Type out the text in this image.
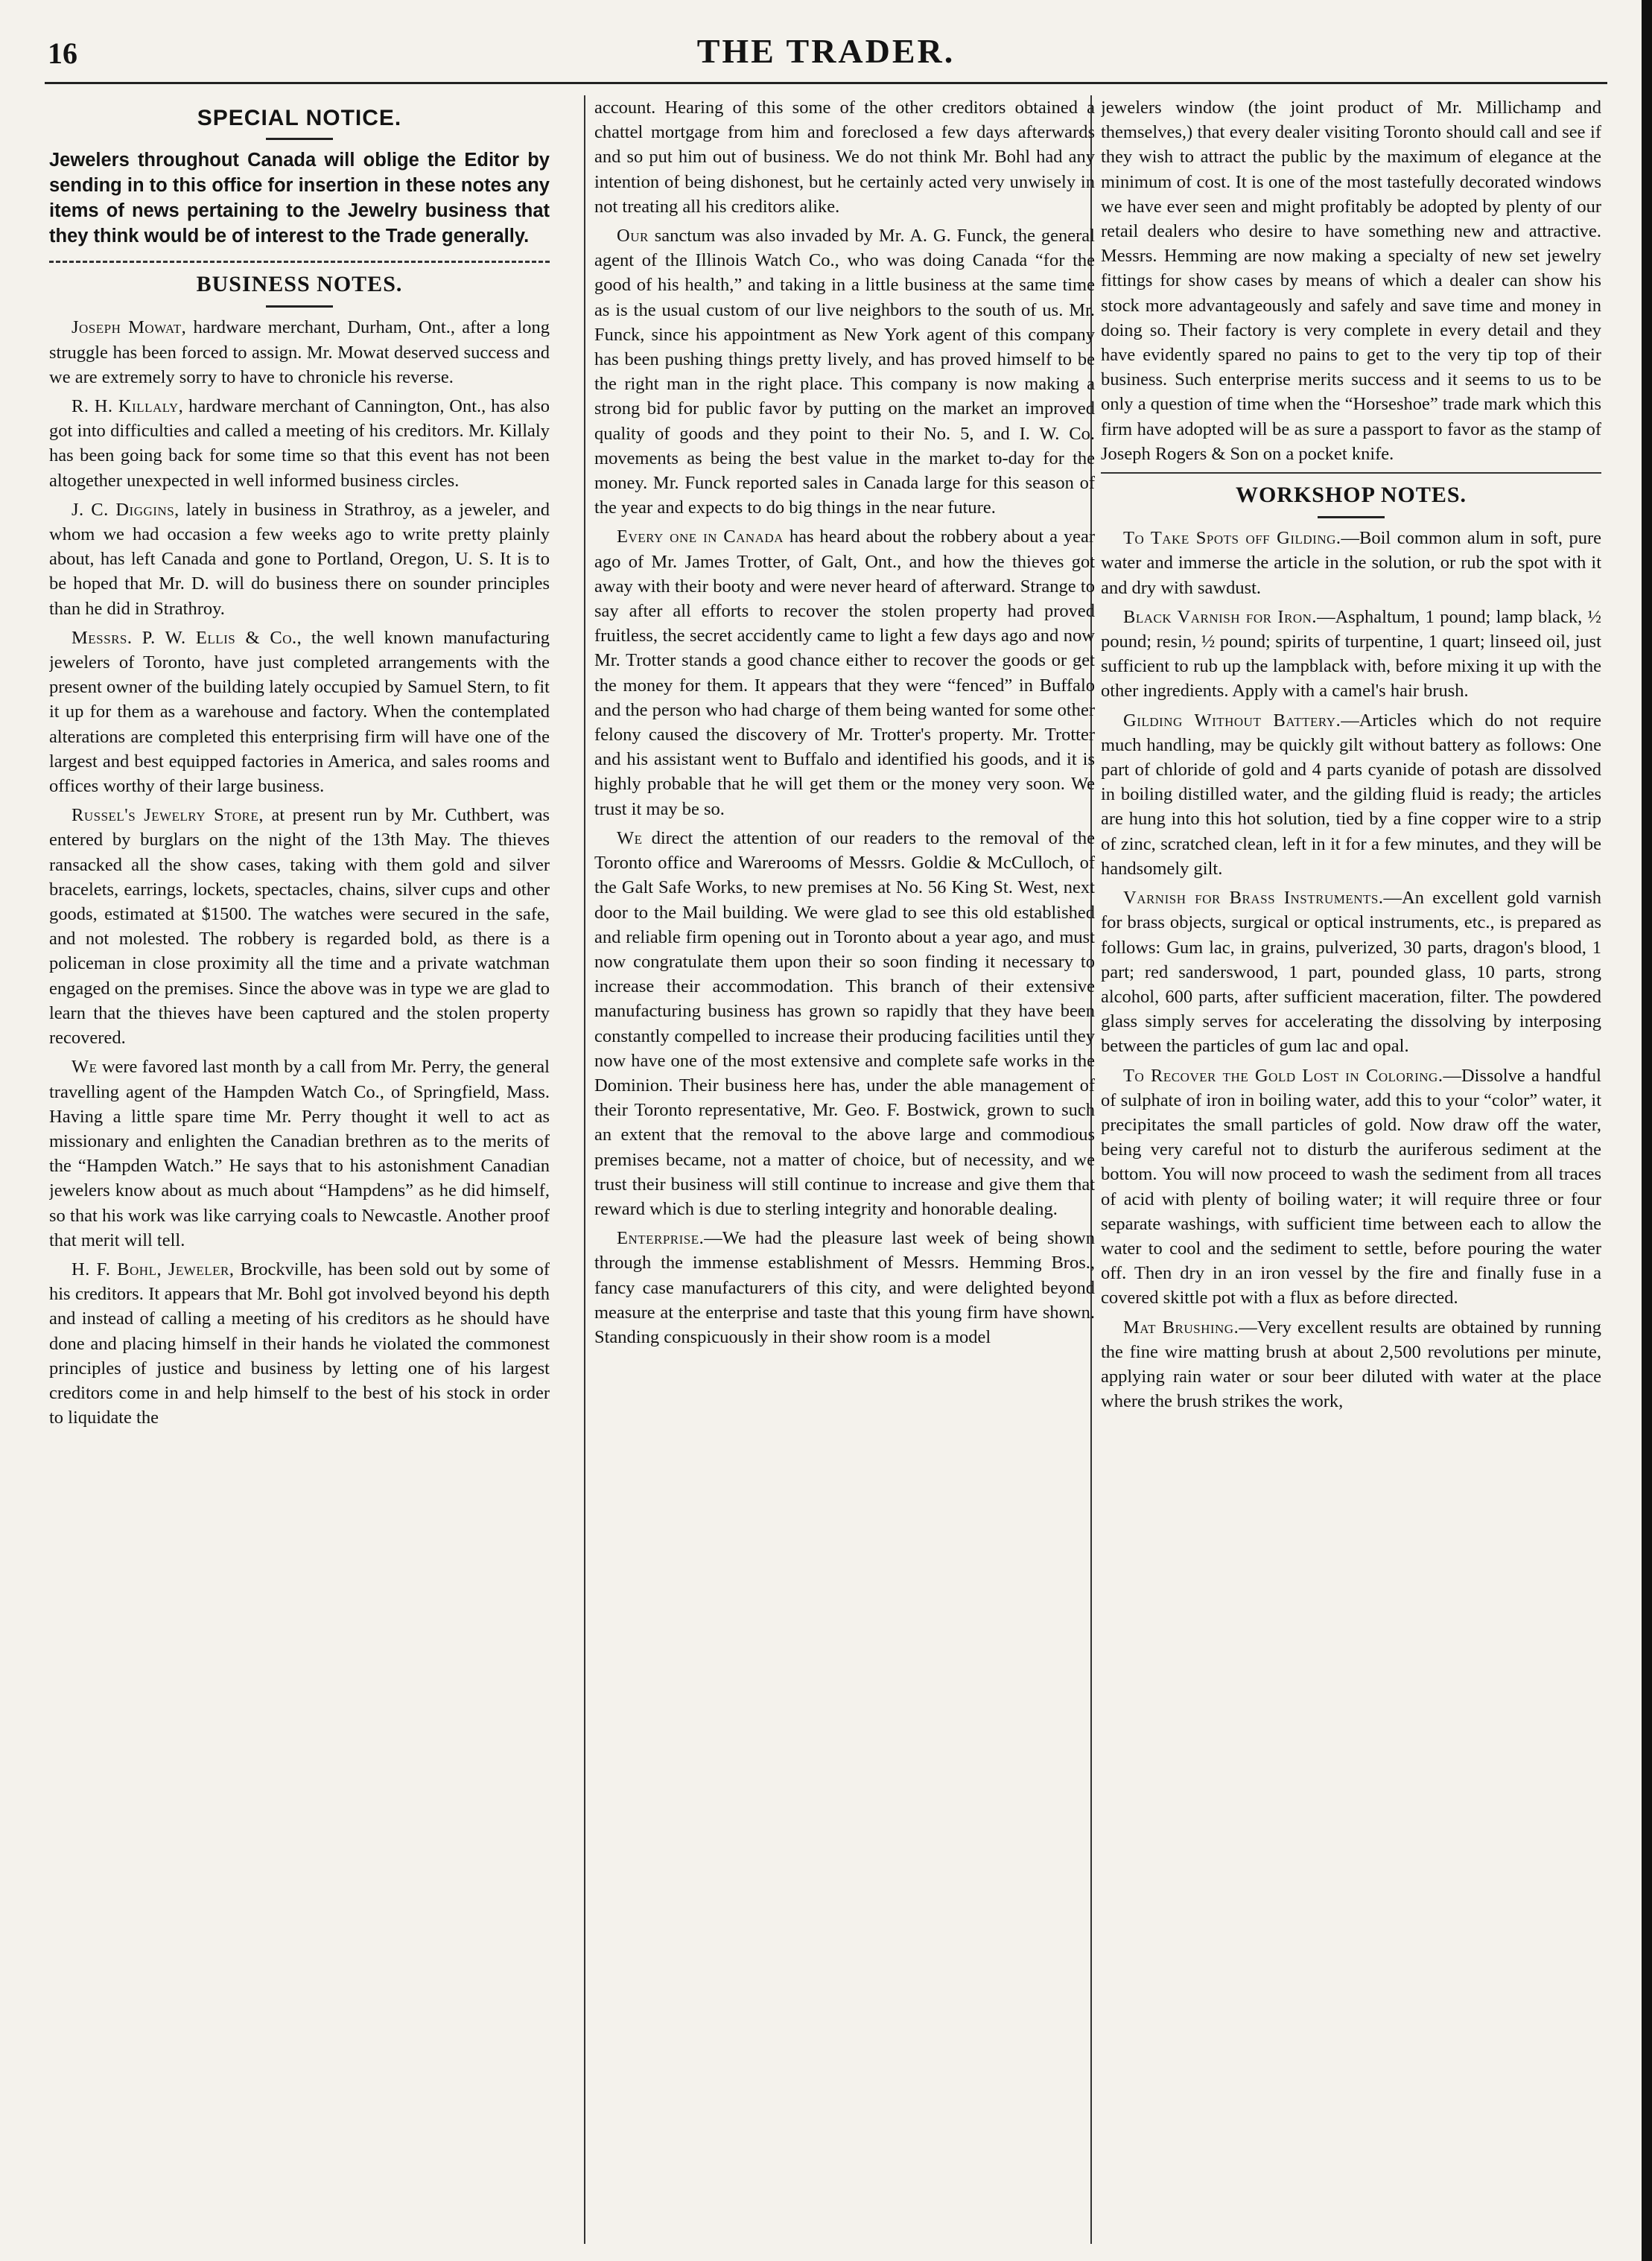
16	THE TRADER.
SPECIAL NOTICE.
Jewelers throughout Canada will oblige the Editor by sending in to this office for insertion in these notes any items of news pertaining to the Jewelry business that they think would be of interest to the Trade generally.
BUSINESS NOTES.

Joseph Mowat, hardware merchant, Durham, Ont., after a long struggle has been forced to assign. Mr. Mowat deserved success and we are extremely sorry to have to chronicle his reverse.

R. H. Killaly, hardware merchant of Cannington, Ont., has also got into difficulties and called a meeting of his creditors. Mr. Killaly has been going back for some time so that this event has not been altogether unexpected in well informed business circles.

J. C. Diggins, lately in business in Strathroy, as a jeweler, and whom we had occasion a few weeks ago to write pretty plainly about, has left Canada and gone to Portland, Oregon, U. S. It is to be hoped that Mr. D. will do business there on sounder principles than he did in Strathroy.

Messrs. P. W. Ellis & Co., the well known manufacturing jewelers of Toronto, have just completed arrangements with the present owner of the building lately occupied by Samuel Stern, to fit it up for them as a warehouse and factory. When the contemplated alterations are completed this enterprising firm will have one of the largest and best equipped factories in America, and sales rooms and offices worthy of their large business.

Russel's Jewelry Store, at present run by Mr. Cuthbert, was entered by burglars on the night of the 13th May. The thieves ransacked all the show cases, taking with them gold and silver bracelets, earrings, lockets, spectacles, chains, silver cups and other goods, estimated at $1500. The watches were secured in the safe, and not molested. The robbery is regarded bold, as there is a policeman in close proximity all the time and a private watchman engaged on the premises. Since the above was in type we are glad to learn that the thieves have been captured and the stolen property recovered.

We were favored last month by a call from Mr. Perry, the general travelling agent of the Hampden Watch Co., of Springfield, Mass. Having a little spare time Mr. Perry thought it well to act as missionary and enlighten the Canadian brethren as to the merits of the “Hampden Watch.” He says that to his astonishment Canadian jewelers know about as much about “Hampdens” as he did himself, so that his work was like carrying coals to Newcastle. Another proof that merit will tell.

H. F. Bohl, Jeweler, Brockville, has been sold out by some of his creditors. It appears that Mr. Bohl got involved beyond his depth and instead of calling a meeting of his creditors as he should have done and placing himself in their hands he violated the commonest principles of justice and business by letting one of his largest creditors come in and help himself to the best of his stock in order to liquidate the

account. Hearing of this some of the other creditors obtained a chattel mortgage from him and foreclosed a few days afterwards and so put him out of business. We do not think Mr. Bohl had any intention of being dishonest, but he certainly acted very unwisely in not treating all his creditors alike.

Our sanctum was also invaded by Mr. A. G. Funck, the general agent of the Illinois Watch Co., who was doing Canada “for the good of his health,” and taking in a little business at the same time as is the usual custom of our live neighbors to the south of us. Mr. Funck, since his appointment as New York agent of this company has been pushing things pretty lively, and has proved himself to be the right man in the right place. This company is now making a strong bid for public favor by putting on the market an improved quality of goods and they point to their No. 5, and I. W. Co. movements as being the best value in the market to-day for the money. Mr. Funck reported sales in Canada large for this season of the year and expects to do big things in the near future.

Every one in Canada has heard about the robbery about a year ago of Mr. James Trotter, of Galt, Ont., and how the thieves got away with their booty and were never heard of afterward. Strange to say after all efforts to recover the stolen property had proved fruitless, the secret accidently came to light a few days ago and now Mr. Trotter stands a good chance either to recover the goods or get the money for them. It appears that they were “fenced” in Buffalo and the person who had charge of them being wanted for some other felony caused the discovery of Mr. Trotter's property. Mr. Trotter and his assistant went to Buffalo and identified his goods, and it is highly probable that he will get them or the money very soon. We trust it may be so.

We direct the attention of our readers to the removal of the Toronto office and Warerooms of Messrs. Goldie & McCulloch, of the Galt Safe Works, to new premises at No. 56 King St. West, next door to the Mail building. We were glad to see this old established and reliable firm opening out in Toronto about a year ago, and must now congratulate them upon their so soon finding it necessary to increase their accommodation. This branch of their extensive manufacturing business has grown so rapidly that they have been constantly compelled to increase their producing facilities until they now have one of the most extensive and complete safe works in the Dominion. Their business here has, under the able management of their Toronto representative, Mr. Geo. F. Bostwick, grown to such an extent that the removal to the above large and commodious premises became, not a matter of choice, but of necessity, and we trust their business will still continue to increase and give them that reward which is due to sterling integrity and honorable dealing.

Enterprise.—We had the pleasure last week of being shown through the immense establishment of Messrs. Hemming Bros., fancy case manufacturers of this city, and were delighted beyond measure at the enterprise and taste that this young firm have shown. Standing conspicuously in their show room is a model

jewelers window (the joint product of Mr. Millichamp and themselves,) that every dealer visiting Toronto should call and see if they wish to attract the public by the maximum of elegance at the minimum of cost. It is one of the most tastefully decorated windows we have ever seen and might profitably be adopted by plenty of our retail dealers who desire to have something new and attractive. Messrs. Hemming are now making a specialty of new set jewelry fittings for show cases by means of which a dealer can show his stock more advantageously and safely and save time and money in doing so. Their factory is very complete in every detail and they have evidently spared no pains to get to the very tip top of their business. Such enterprise merits success and it seems to us to be only a question of time when the “Horseshoe” trade mark which this firm have adopted will be as sure a passport to favor as the stamp of Joseph Rogers & Son on a pocket knife.

WORKSHOP NOTES.

To Take Spots off Gilding.—Boil common alum in soft, pure water and immerse the article in the solution, or rub the spot with it and dry with sawdust.

Black Varnish for Iron.—Asphaltum, 1 pound; lamp black, ½ pound; resin, ½ pound; spirits of turpentine, 1 quart; linseed oil, just sufficient to rub up the lampblack with, before mixing it up with the other ingredients. Apply with a camel's hair brush.

Gilding Without Battery.—Articles which do not require much handling, may be quickly gilt without battery as follows: One part of chloride of gold and 4 parts cyanide of potash are dissolved in boiling distilled water, and the gilding fluid is ready; the articles are hung into this hot solution, tied by a fine copper wire to a strip of zinc, scratched clean, left in it for a few minutes, and they will be handsomely gilt.

Varnish for Brass Instruments.—An excellent gold varnish for brass objects, surgical or optical instruments, etc., is prepared as follows: Gum lac, in grains, pulverized, 30 parts, dragon's blood, 1 part; red sanderswood, 1 part, pounded glass, 10 parts, strong alcohol, 600 parts, after sufficient maceration, filter. The powdered glass simply serves for accelerating the dissolving by interposing between the particles of gum lac and opal.

To Recover the Gold Lost in Coloring.—Dissolve a handful of sulphate of iron in boiling water, add this to your “color” water, it precipitates the small particles of gold. Now draw off the water, being very careful not to disturb the auriferous sediment at the bottom. You will now proceed to wash the sediment from all traces of acid with plenty of boiling water; it will require three or four separate washings, with sufficient time between each to allow the water to cool and the sediment to settle, before pouring the water off. Then dry in an iron vessel by the fire and finally fuse in a covered skittle pot with a flux as before directed.

Mat Brushing.—Very excellent results are obtained by running the fine wire matting brush at about 2,500 revolutions per minute, applying rain water or sour beer diluted with water at the place where the brush strikes the work,
